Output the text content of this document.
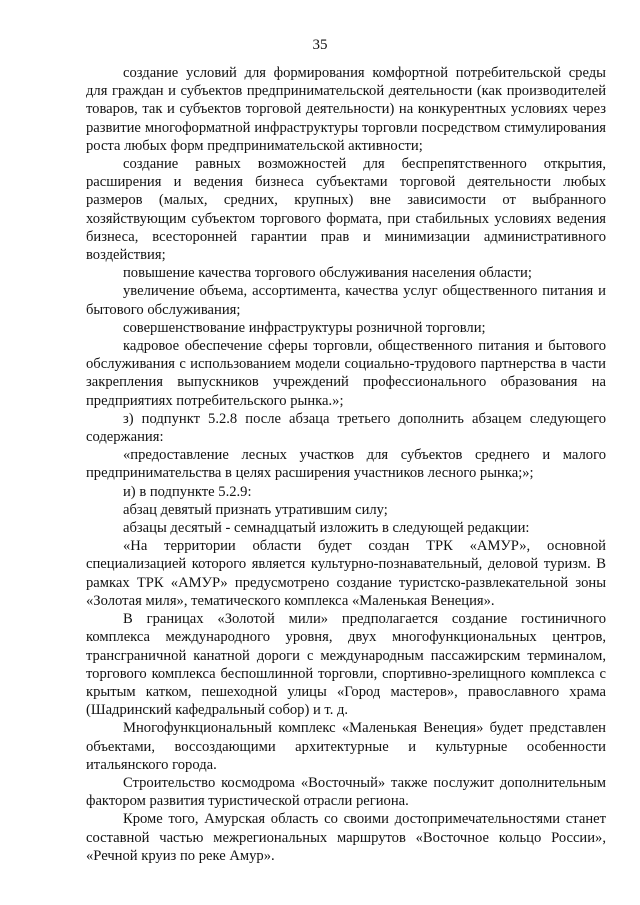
35

создание условий для формирования комфортной потребительской среды для граждан и субъектов предпринимательской деятельности (как производителей товаров, так и субъектов торговой деятельности) на конкурентных условиях через развитие многоформатной инфраструктуры торговли посредством стимулирования роста любых форм предпринимательской активности;

создание равных возможностей для беспрепятственного открытия, расширения и ведения бизнеса субъектами торговой деятельности любых размеров (малых, средних, крупных) вне зависимости от выбранного хозяйствующим субъектом торгового формата, при стабильных условиях ведения бизнеса, всесторонней гарантии прав и минимизации административного воздействия;

повышение качества торгового обслуживания населения области;

увеличение объема, ассортимента, качества услуг общественного питания и бытового обслуживания;

совершенствование инфраструктуры розничной торговли;

кадровое обеспечение сферы торговли, общественного питания и бытового обслуживания с использованием модели социально-трудового партнерства в части закрепления выпускников учреждений профессионального образования на предприятиях потребительского рынка.»;

з) подпункт 5.2.8 после абзаца третьего дополнить абзацем следующего содержания:

«предоставление лесных участков для субъектов среднего и малого предпринимательства в целях расширения участников лесного рынка;»;

и) в подпункте 5.2.9:

абзац девятый признать утратившим силу;

абзацы десятый - семнадцатый изложить в следующей редакции:

«На территории области будет создан ТРК «АМУР», основной специализацией которого является культурно-познавательный, деловой туризм. В рамках ТРК «АМУР» предусмотрено создание туристско-развлекательной зоны «Золотая миля», тематического комплекса «Маленькая Венеция».

В границах «Золотой мили» предполагается создание гостиничного комплекса международного уровня, двух многофункциональных центров, трансграничной канатной дороги с международным пассажирским терминалом, торгового комплекса беспошлинной торговли, спортивно-зрелищного комплекса с крытым катком, пешеходной улицы «Город мастеров», православного храма (Шадринский кафедральный собор) и т. д.

Многофункциональный комплекс «Маленькая Венеция» будет представлен объектами, воссоздающими архитектурные и культурные особенности итальянского города.

Строительство космодрома «Восточный» также послужит дополнительным фактором развития туристической отрасли региона.

Кроме того, Амурская область со своими достопримечательностями станет составной частью межрегиональных маршрутов «Восточное кольцо России», «Речной круиз по реке Амур».
